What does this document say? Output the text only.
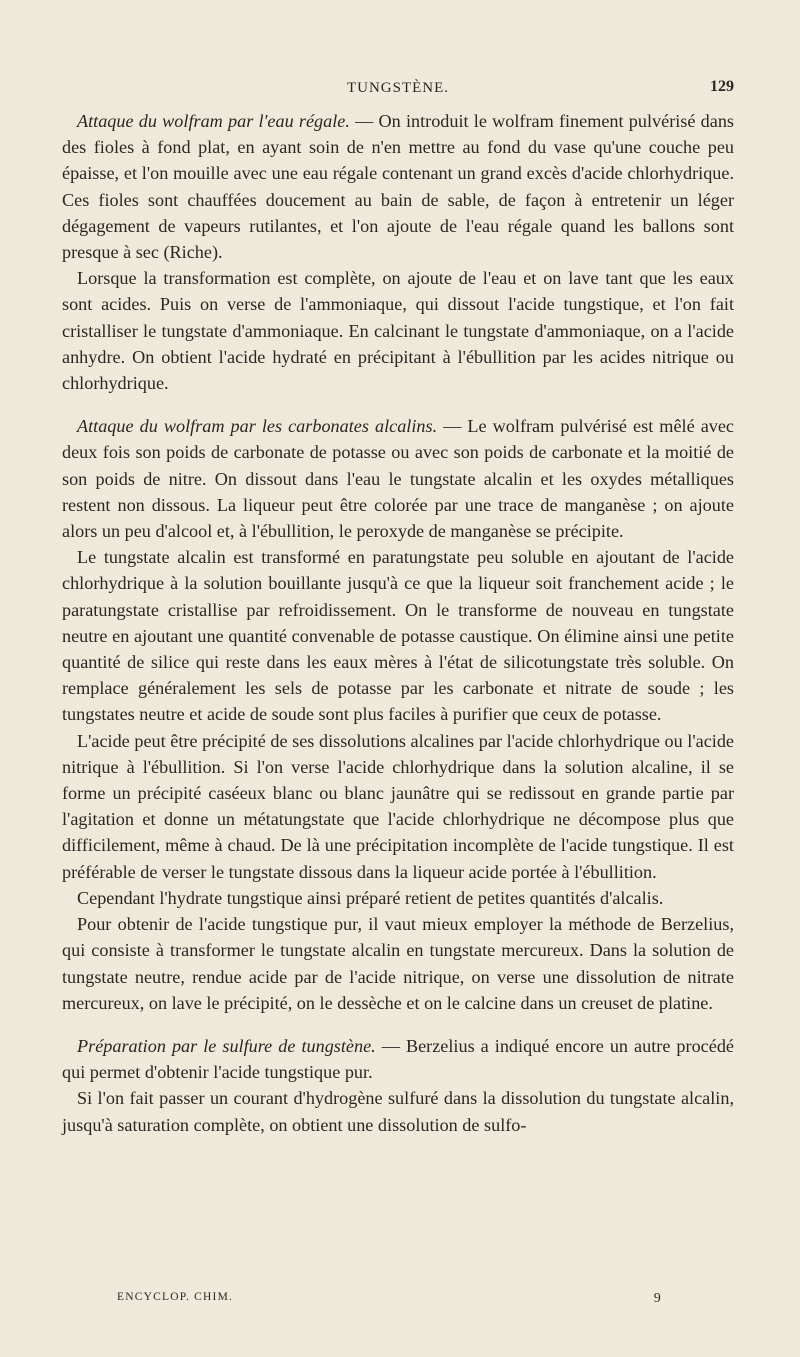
TUNGSTÈNE.	129

Attaque du wolfram par l'eau régale. — On introduit le wolfram finement pulvérisé dans des fioles à fond plat, en ayant soin de n'en mettre au fond du vase qu'une couche peu épaisse, et l'on mouille avec une eau régale contenant un grand excès d'acide chlorhydrique. Ces fioles sont chauffées doucement au bain de sable, de façon à entretenir un léger dégagement de vapeurs rutilantes, et l'on ajoute de l'eau régale quand les ballons sont presque à sec (Riche).

Lorsque la transformation est complète, on ajoute de l'eau et on lave tant que les eaux sont acides. Puis on verse de l'ammoniaque, qui dissout l'acide tungstique, et l'on fait cristalliser le tungstate d'ammoniaque. En calcinant le tungstate d'ammoniaque, on a l'acide anhydre. On obtient l'acide hydraté en précipitant à l'ébullition par les acides nitrique ou chlorhydrique.

Attaque du wolfram par les carbonates alcalins. — Le wolfram pulvérisé est mêlé avec deux fois son poids de carbonate de potasse ou avec son poids de carbonate et la moitié de son poids de nitre. On dissout dans l'eau le tungstate alcalin et les oxydes métalliques restent non dissous. La liqueur peut être colorée par une trace de manganèse ; on ajoute alors un peu d'alcool et, à l'ébullition, le peroxyde de manganèse se précipite.

Le tungstate alcalin est transformé en paratungstate peu soluble en ajoutant de l'acide chlorhydrique à la solution bouillante jusqu'à ce que la liqueur soit franchement acide ; le paratungstate cristallise par refroidissement. On le transforme de nouveau en tungstate neutre en ajoutant une quantité convenable de potasse caustique. On élimine ainsi une petite quantité de silice qui reste dans les eaux mères à l'état de silicotungstate très soluble. On remplace généralement les sels de potasse par les carbonate et nitrate de soude ; les tungstates neutre et acide de soude sont plus faciles à purifier que ceux de potasse.

L'acide peut être précipité de ses dissolutions alcalines par l'acide chlorhydrique ou l'acide nitrique à l'ébullition. Si l'on verse l'acide chlorhydrique dans la solution alcaline, il se forme un précipité caséeux blanc ou blanc jaunâtre qui se redissout en grande partie par l'agitation et donne un métatungstate que l'acide chlorhydrique ne décompose plus que difficilement, même à chaud. De là une précipitation incomplète de l'acide tungstique. Il est préférable de verser le tungstate dissous dans la liqueur acide portée à l'ébullition.

Cependant l'hydrate tungstique ainsi préparé retient de petites quantités d'alcalis.

Pour obtenir de l'acide tungstique pur, il vaut mieux employer la méthode de Berzelius, qui consiste à transformer le tungstate alcalin en tungstate mercureux. Dans la solution de tungstate neutre, rendue acide par de l'acide nitrique, on verse une dissolution de nitrate mercureux, on lave le précipité, on le dessèche et on le calcine dans un creuset de platine.

Préparation par le sulfure de tungstène. — Berzelius a indiqué encore un autre procédé qui permet d'obtenir l'acide tungstique pur.

Si l'on fait passer un courant d'hydrogène sulfuré dans la dissolution du tungstate alcalin, jusqu'à saturation complète, on obtient une dissolution de sulfo-

ENCYCLOP. CHIM.	9
